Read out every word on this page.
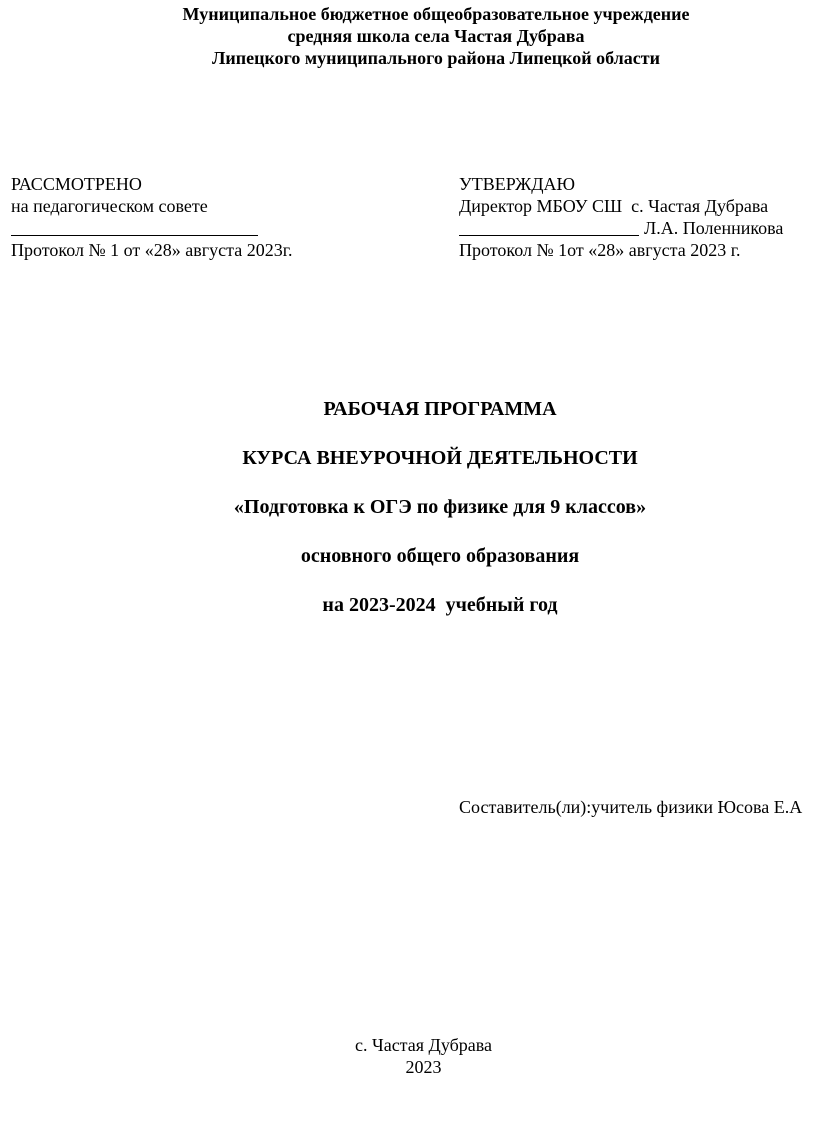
Муниципальное бюджетное общеобразовательное учреждение
средняя школа села Частая Дубрава
Липецкого муниципального района Липецкой области
РАССМОТРЕНО
на педагогическом совете
Протокол № 1 от «28» августа 2023г.
УТВЕРЖДАЮ
Директор МБОУ СШ  с. Частая Дубрава
Л.А. Поленникова
Протокол № 1от «28» августа 2023 г.
РАБОЧАЯ ПРОГРАММА
КУРСА ВНЕУРОЧНОЙ ДЕЯТЕЛЬНОСТИ
«Подготовка к ОГЭ по физике для 9 классов»
основного общего образования
на 2023-2024  учебный год
Составитель(ли):учитель физики Юсова Е.А
с. Частая Дубрава
2023
